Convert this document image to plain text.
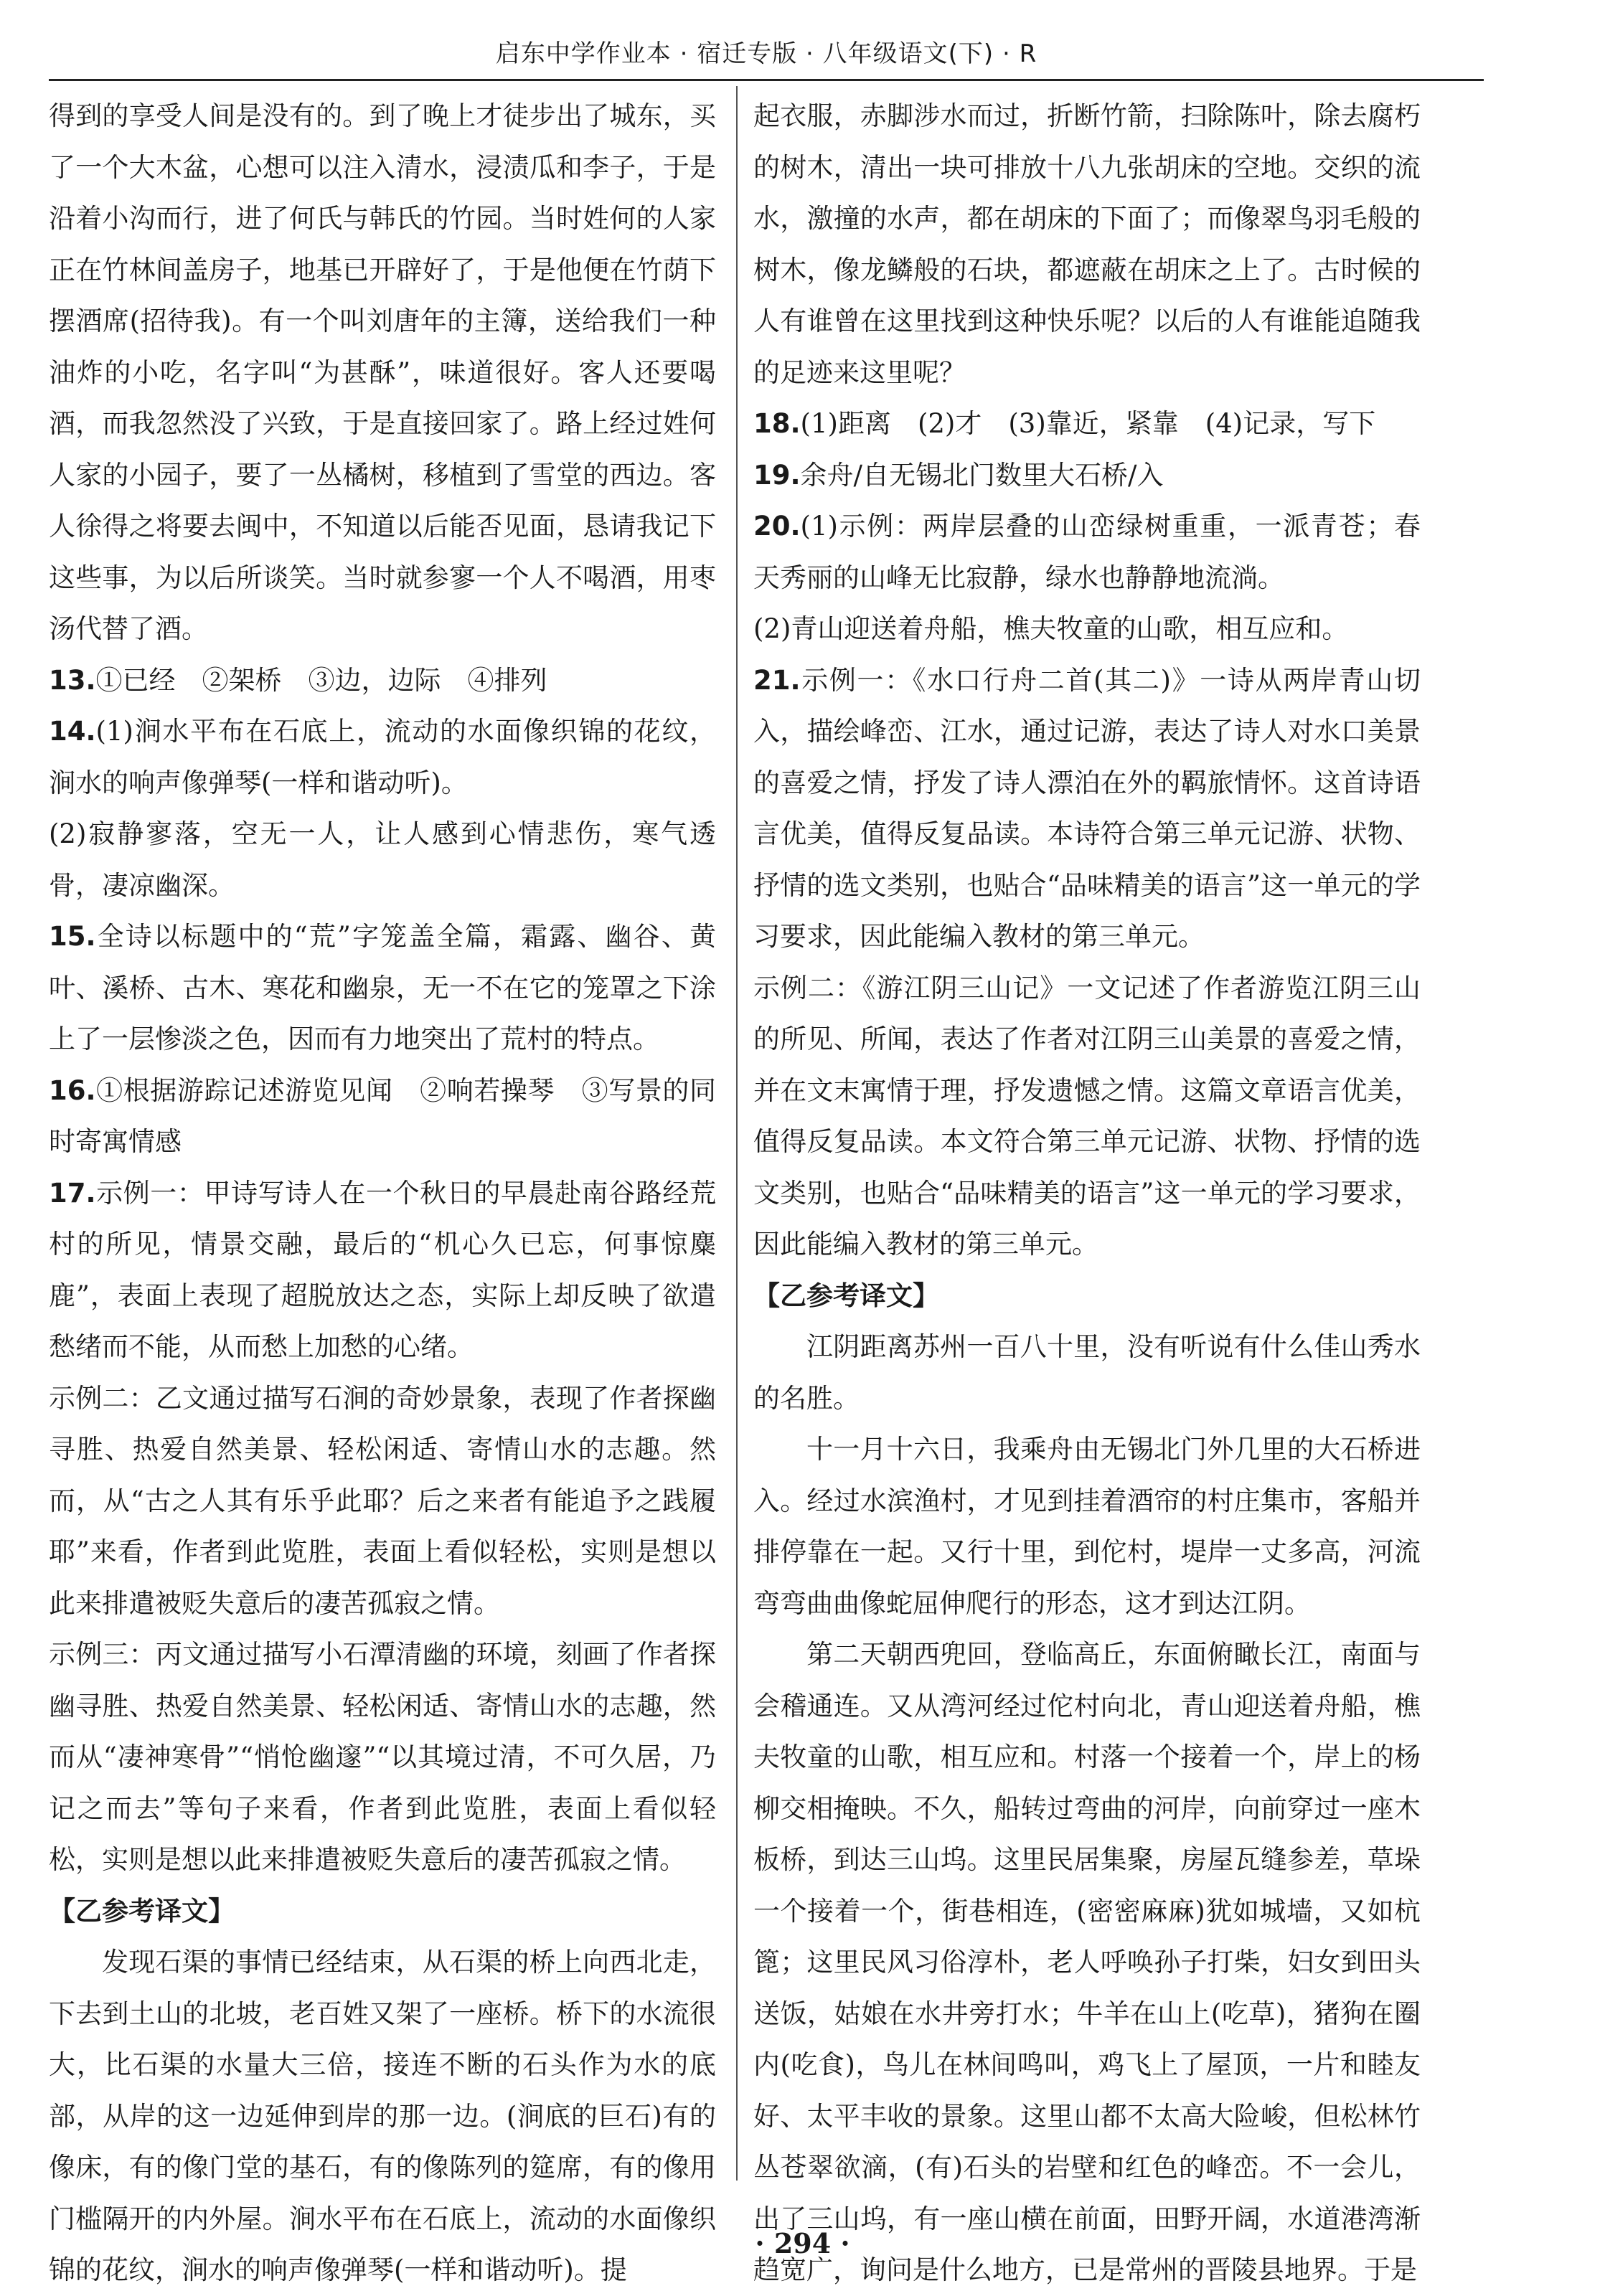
启东中学作业本 · 宿迁专版 · 八年级语文(下) · R

得到的享受人间是没有的。到了晚上才徒步出了城东，买了一个大木盆，心想可以注入清水，浸渍瓜和李子，于是沿着小沟而行，进了何氏与韩氏的竹园。当时姓何的人家正在竹林间盖房子，地基已开辟好了，于是他便在竹荫下摆酒席(招待我)。有一个叫刘唐年的主簿，送给我们一种油炸的小吃，名字叫“为甚酥”，味道很好。客人还要喝酒，而我忽然没了兴致，于是直接回家了。路上经过姓何人家的小园子，要了一丛橘树，移植到了雪堂的西边。客人徐得之将要去闽中，不知道以后能否见面，恳请我记下这些事，为以后所谈笑。当时就参寥一个人不喝酒，用枣汤代替了酒。

13.①已经　②架桥　③边，边际　④排列

14.(1)涧水平布在石底上，流动的水面像织锦的花纹，涧水的响声像弹琴(一样和谐动听)。

(2)寂静寥落，空无一人，让人感到心情悲伤，寒气透骨，凄凉幽深。

15.全诗以标题中的“荒”字笼盖全篇，霜露、幽谷、黄叶、溪桥、古木、寒花和幽泉，无一不在它的笼罩之下涂上了一层惨淡之色，因而有力地突出了荒村的特点。

16.①根据游踪记述游览见闻　②响若操琴　③写景的同时寄寓情感

17.示例一：甲诗写诗人在一个秋日的早晨赴南谷路经荒村的所见，情景交融，最后的“机心久已忘，何事惊麋鹿”，表面上表现了超脱放达之态，实际上却反映了欲遣愁绪而不能，从而愁上加愁的心绪。

示例二：乙文通过描写石涧的奇妙景象，表现了作者探幽寻胜、热爱自然美景、轻松闲适、寄情山水的志趣。然而，从“古之人其有乐乎此耶？后之来者有能追予之践履耶”来看，作者到此览胜，表面上看似轻松，实则是想以此来排遣被贬失意后的凄苦孤寂之情。

示例三：丙文通过描写小石潭清幽的环境，刻画了作者探幽寻胜、热爱自然美景、轻松闲适、寄情山水的志趣，然而从“凄神寒骨”“悄怆幽邃”“以其境过清，不可久居，乃记之而去”等句子来看，作者到此览胜，表面上看似轻松，实则是想以此来排遣被贬失意后的凄苦孤寂之情。

【乙参考译文】

发现石渠的事情已经结束，从石渠的桥上向西北走，下去到土山的北坡，老百姓又架了一座桥。桥下的水流很大，比石渠的水量大三倍，接连不断的石头作为水的底部，从岸的这一边延伸到岸的那一边。(涧底的巨石)有的像床，有的像门堂的基石，有的像陈列的筵席，有的像用门槛隔开的内外屋。涧水平布在石底上，流动的水面像织锦的花纹，涧水的响声像弹琴(一样和谐动听)。提

起衣服，赤脚涉水而过，折断竹箭，扫除陈叶，除去腐朽的树木，清出一块可排放十八九张胡床的空地。交织的流水，激撞的水声，都在胡床的下面了；而像翠鸟羽毛般的树木，像龙鳞般的石块，都遮蔽在胡床之上了。古时候的人有谁曾在这里找到这种快乐呢？以后的人有谁能追随我的足迹来这里呢？

18.(1)距离　(2)才　(3)靠近，紧靠　(4)记录，写下

19.余舟/自无锡北门数里大石桥/入

20.(1)示例：两岸层叠的山峦绿树重重，一派青苍；春天秀丽的山峰无比寂静，绿水也静静地流淌。

(2)青山迎送着舟船，樵夫牧童的山歌，相互应和。

21.示例一：《水口行舟二首(其二)》一诗从两岸青山切入，描绘峰峦、江水，通过记游，表达了诗人对水口美景的喜爱之情，抒发了诗人漂泊在外的羁旅情怀。这首诗语言优美，值得反复品读。本诗符合第三单元记游、状物、抒情的选文类别，也贴合“品味精美的语言”这一单元的学习要求，因此能编入教材的第三单元。

示例二：《游江阴三山记》一文记述了作者游览江阴三山的所见、所闻，表达了作者对江阴三山美景的喜爱之情，并在文末寓情于理，抒发遗憾之情。这篇文章语言优美，值得反复品读。本文符合第三单元记游、状物、抒情的选文类别，也贴合“品味精美的语言”这一单元的学习要求，因此能编入教材的第三单元。

【乙参考译文】

江阴距离苏州一百八十里，没有听说有什么佳山秀水的名胜。

十一月十六日，我乘舟由无锡北门外几里的大石桥进入。经过水滨渔村，才见到挂着酒帘的村庄集市，客船并排停靠在一起。又行十里，到佗村，堤岸一丈多高，河流弯弯曲曲像蛇屈伸爬行的形态，这才到达江阴。

第二天朝西兜回，登临高丘，东面俯瞰长江，南面与会稽通连。又从湾河经过佗村向北，青山迎送着舟船，樵夫牧童的山歌，相互应和。村落一个接着一个，岸上的杨柳交相掩映。不久，船转过弯曲的河岸，向前穿过一座木板桥，到达三山坞。这里民居集聚，房屋瓦缝参差，草垛一个接着一个，街巷相连，(密密麻麻)犹如城墙，又如杭篦；这里民风习俗淳朴，老人呼唤孙子打柴，妇女到田头送饭，姑娘在水井旁打水；牛羊在山上(吃草)，猪狗在圈内(吃食)，鸟儿在林间鸣叫，鸡飞上了屋顶，一片和睦友好、太平丰收的景象。这里山都不太高大险峻，但松林竹丛苍翠欲滴，(有)石头的岩壁和红色的峰峦。不一会儿，出了三山坞，有一座山横在前面，田野开阔，水道港湾渐趋宽广，询问是什么地方，已是常州的晋陵县地界。于是

· 294 ·
